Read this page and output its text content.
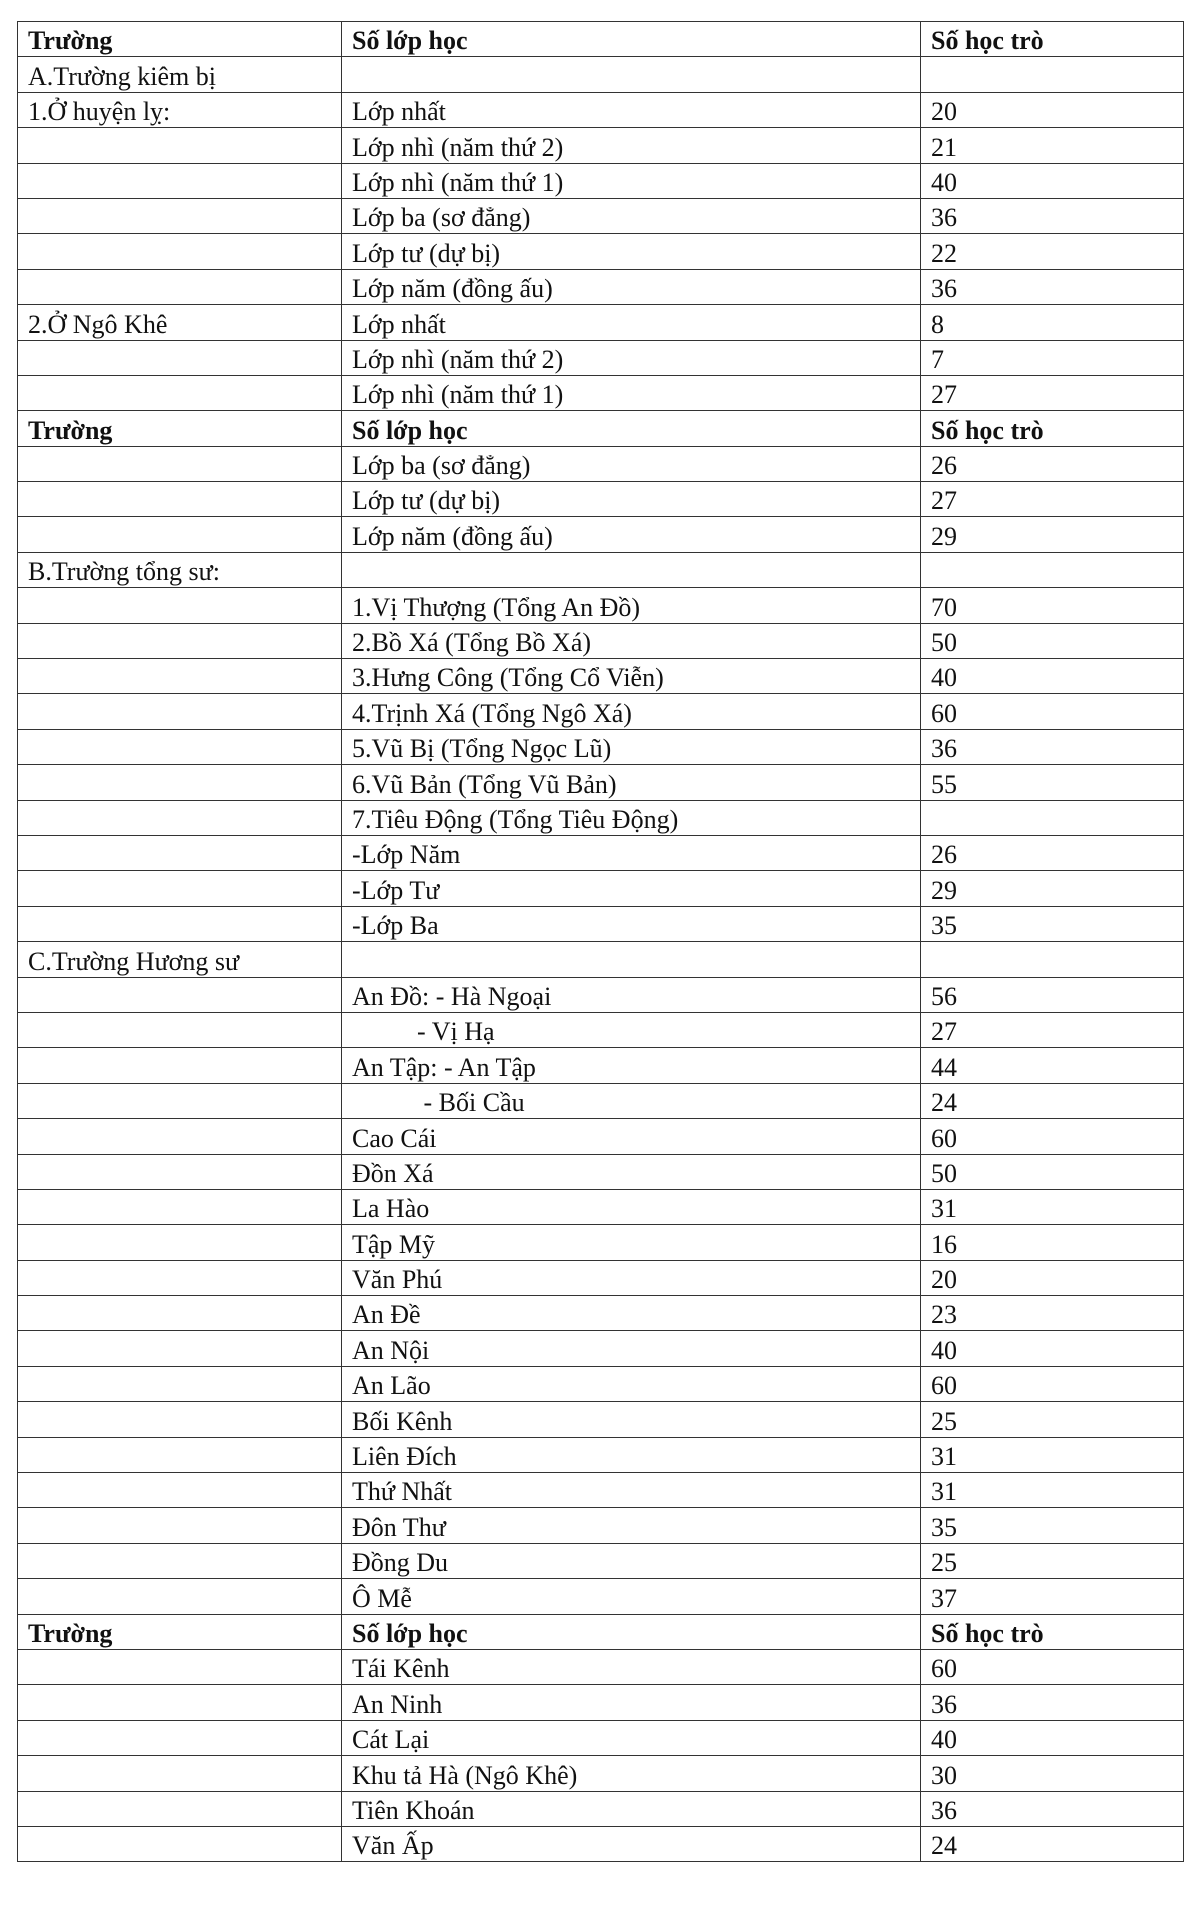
Trường	Số lớp học	Số học trò
A.Trường kiêm bị		
1.Ở huyện lỵ:	Lớp nhất	20
	Lớp nhì (năm thứ 2)	21
	Lớp nhì (năm thứ 1)	40
	Lớp ba (sơ đẳng)	36
	Lớp tư (dự bị)	22
	Lớp năm (đồng ấu)	36
2.Ở Ngô Khê	Lớp nhất	8
	Lớp nhì (năm thứ 2)	7
	Lớp nhì (năm thứ 1)	27
Trường	Số lớp học	Số học trò
	Lớp ba (sơ đẳng)	26
	Lớp tư (dự bị)	27
	Lớp năm (đồng ấu)	29
B.Trường tổng sư:		
	1.Vị Thượng (Tổng An Đồ)	70
	2.Bồ Xá (Tổng Bồ Xá)	50
	3.Hưng Công (Tổng Cổ Viễn)	40
	4.Trịnh Xá (Tổng Ngô Xá)	60
	5.Vũ Bị (Tổng Ngọc Lũ)	36
	6.Vũ Bản (Tổng Vũ Bản)	55
	7.Tiêu Động (Tổng Tiêu Động)	
	-Lớp Năm	26
	-Lớp Tư	29
	-Lớp Ba	35
C.Trường Hương sư		
	An Đồ: - Hà Ngoại	56
	- Vị Hạ	27
	An Tập: - An Tập	44
	- Bối Cầu	24
	Cao Cái	60
	Đồn Xá	50
	La Hào	31
	Tập Mỹ	16
	Văn Phú	20
	An Đề	23
	An Nội	40
	An Lão	60
	Bối Kênh	25
	Liên Đích	31
	Thứ Nhất	31
	Đôn Thư	35
	Đồng Du	25
	Ô Mễ	37
Trường	Số lớp học	Số học trò
	Tái Kênh	60
	An Ninh	36
	Cát Lại	40
	Khu tả Hà (Ngô Khê)	30
	Tiên Khoán	36
	Văn Ấp	24
